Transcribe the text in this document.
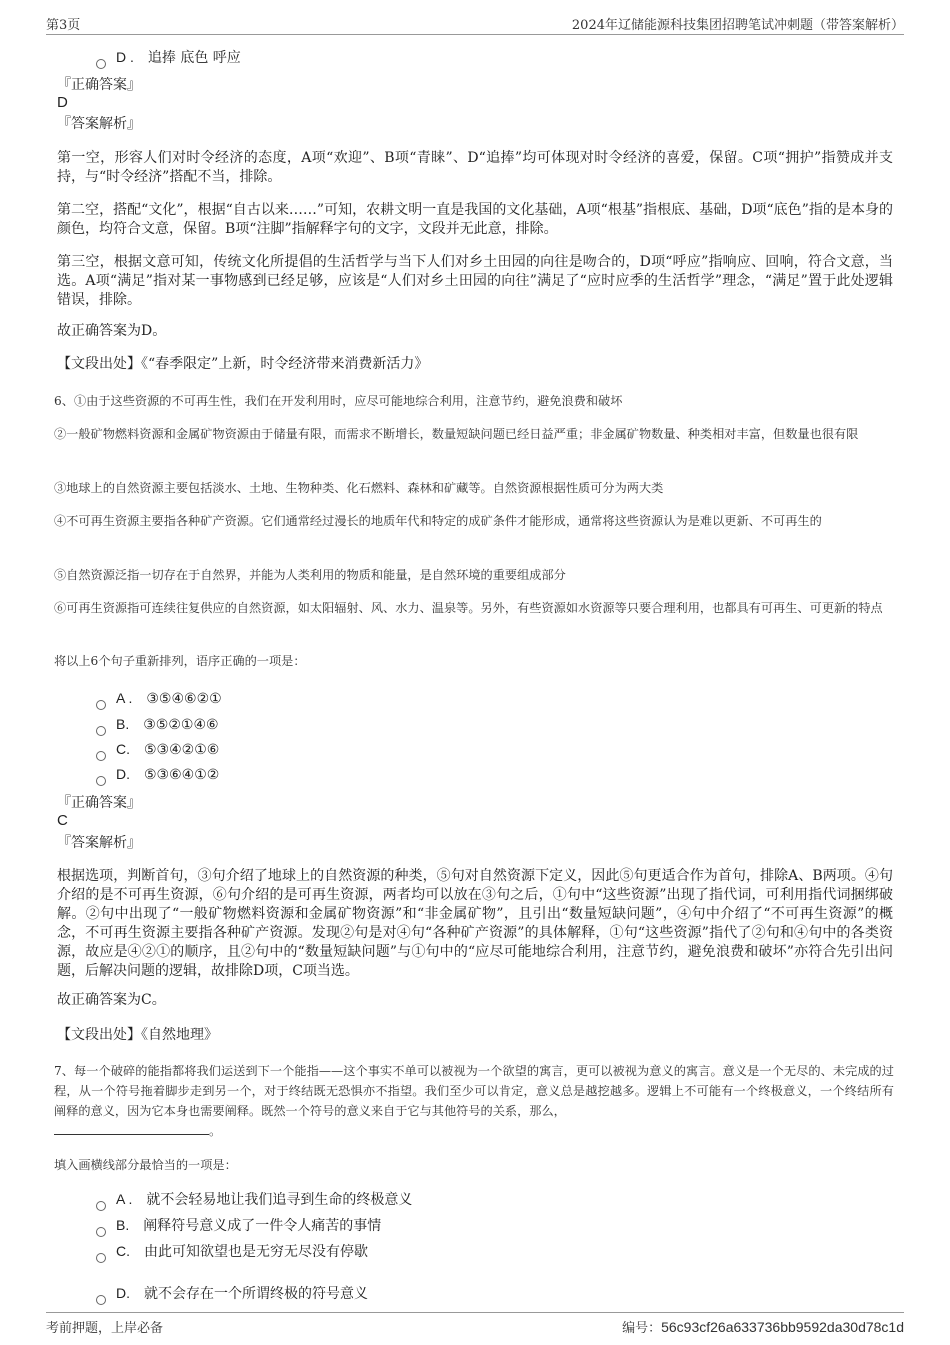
第3页	2024年辽储能源科技集团招聘笔试冲刺题（带答案解析）
D . 追捧 底色 呼应
『正确答案』
D
『答案解析』
第一空，形容人们对时令经济的态度，A项“欢迎”、B项“青睐”、D“追捧”均可体现对时令经济的喜爱，保留。C项“拥护”指赞成并支持，与“时令经济”搭配不当，排除。
第二空，搭配“文化”，根据“自古以来……”可知，农耕文明一直是我国的文化基础，A项“根基”指根底、基础，D项“底色”指的是本身的颜色，均符合文意，保留。B项“注脚”指解释字句的文字，文段并无此意，排除。
第三空，根据文意可知，传统文化所提倡的生活哲学与当下人们对乡土田园的向往是吻合的，D项“呼应”指响应、回响，符合文意，当选。A项“满足”指对某一事物感到已经足够，应该是“人们对乡土田园的向往”满足了“应时应季的生活哲学”理念，“满足”置于此处逻辑错误，排除。
故正确答案为D。
【文段出处】《“春季限定”上新，时令经济带来消费新活力》
6、①由于这些资源的不可再生性，我们在开发利用时，应尽可能地综合利用，注意节约，避免浪费和破坏
②一般矿物燃料资源和金属矿物资源由于储量有限，而需求不断增长，数量短缺问题已经日益严重；非金属矿物数量、种类相对丰富，但数量也很有限
③地球上的自然资源主要包括淡水、土地、生物种类、化石燃料、森林和矿藏等。自然资源根据性质可分为两大类
④不可再生资源主要指各种矿产资源。它们通常经过漫长的地质年代和特定的成矿条件才能形成，通常将这些资源认为是难以更新、不可再生的
⑤自然资源泛指一切存在于自然界，并能为人类利用的物质和能量，是自然环境的重要组成部分
⑥可再生资源指可连续往复供应的自然资源，如太阳辐射、风、水力、温泉等。另外，有些资源如水资源等只要合理利用，也都具有可再生、可更新的特点
将以上6个句子重新排列，语序正确的一项是：
A . ③⑤④⑥②①
B. ③⑤②①④⑥
C. ⑤③④②①⑥
D. ⑤③⑥④①②
『正确答案』
C
『答案解析』
根据选项，判断首句，③句介绍了地球上的自然资源的种类，⑤句对自然资源下定义，因此⑤句更适合作为首句，排除A、B两项。④句介绍的是不可再生资源，⑥句介绍的是可再生资源，两者均可以放在③句之后，①句中“这些资源”出现了指代词，可利用指代词捆绑破解。②句中出现了“一般矿物燃料资源和金属矿物资源”和“非金属矿物”，且引出“数量短缺问题”，④句中介绍了“不可再生资源”的概念，不可再生资源主要指各种矿产资源。发现②句是对④句“各种矿产资源”的具体解释，①句“这些资源”指代了②句和④句中的各类资源，故应是④②①的顺序，且②句中的“数量短缺问题”与①句中的“应尽可能地综合利用，注意节约，避免浪费和破坏”亦符合先引出问题，后解决问题的逻辑，故排除D项，C项当选。
故正确答案为C。
【文段出处】《自然地理》
7、每一个破碎的能指都将我们运送到下一个能指——这个事实不单可以被视为一个欲望的寓言，更可以被视为意义的寓言。意义是一个无尽的、未完成的过程，从一个符号拖着脚步走到另一个，对于终结既无恐惧亦不指望。我们至少可以肯定，意义总是越挖越多。逻辑上不可能有一个终极意义，一个终结所有阐释的意义，因为它本身也需要阐释。既然一个符号的意义来自于它与其他符号的关系，那么，
。
填入画横线部分最恰当的一项是：
A . 就不会轻易地让我们追寻到生命的终极意义
B. 阐释符号意义成了一件令人痛苦的事情
C. 由此可知欲望也是无穷无尽没有停歇
D. 就不会存在一个所谓终极的符号意义
考前押题，上岸必备	编号：56c93cf26a633736bb9592da30d78c1d
